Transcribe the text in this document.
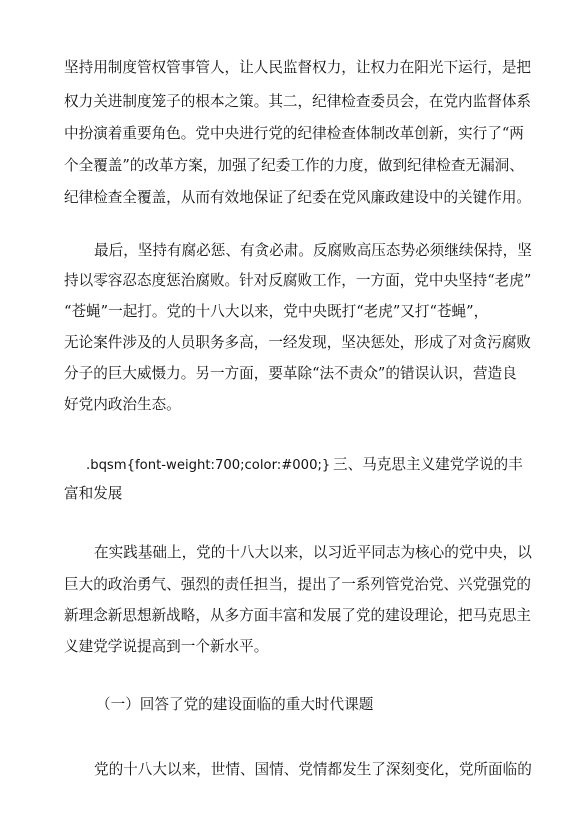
坚持用制度管权管事管人，让人民监督权力，让权力在阳光下运行，是把
权力关进制度笼子的根本之策。其二，纪律检查委员会，在党内监督体系
中扮演着重要角色。党中央进行党的纪律检查体制改革创新，实行了“两
个全覆盖”的改革方案，加强了纪委工作的力度，做到纪律检查无漏洞、
纪律检查全覆盖，从而有效地保证了纪委在党风廉政建设中的关键作用。
最后，坚持有腐必惩、有贪必肃。反腐败高压态势必须继续保持，坚
持以零容忍态度惩治腐败。针对反腐败工作，一方面，党中央坚持“老虎”
“苍蝇”一起打。党的十八大以来，党中央既打“老虎”又打“苍蝇”，
无论案件涉及的人员职务多高，一经发现，坚决惩处，形成了对贪污腐败
分子的巨大威慑力。另一方面，要革除“法不责众”的错误认识，营造良
好党内政治生态。
.bqsm{font-weight:700;color:#000;} 三、马克思主义建党学说的丰
富和发展
在实践基础上，党的十八大以来，以习近平同志为核心的党中央，以
巨大的政治勇气、强烈的责任担当，提出了一系列管党治党、兴党强党的
新理念新思想新战略，从多方面丰富和发展了党的建设理论，把马克思主
义建党学说提高到一个新水平。
（一）回答了党的建设面临的重大时代课题
党的十八大以来，世情、国情、党情都发生了深刻变化，党所面临的
